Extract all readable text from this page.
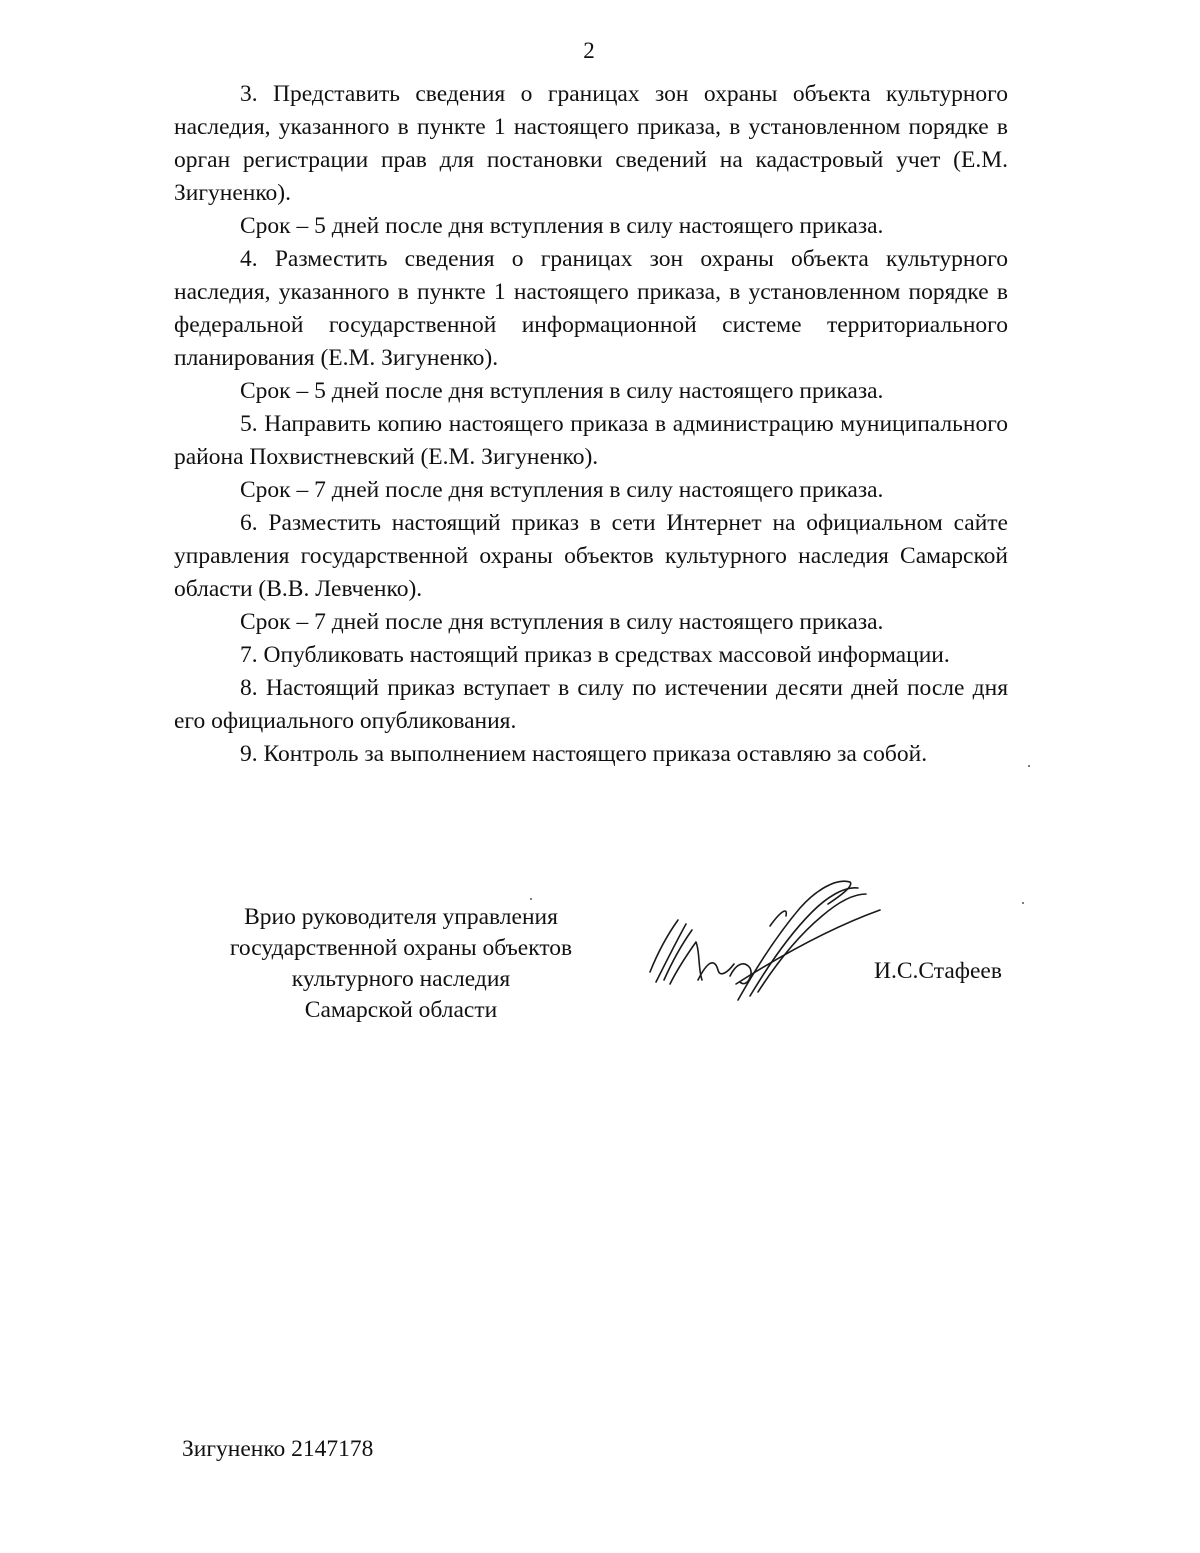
2

3. Представить сведения о границах зон охраны объекта культурного наследия, указанного в пункте 1 настоящего приказа, в установленном порядке в орган регистрации прав для постановки сведений на кадастровый учет (Е.М. Зигуненко).

Срок – 5 дней после дня вступления в силу настоящего приказа.

4. Разместить сведения о границах зон охраны объекта культурного наследия, указанного в пункте 1 настоящего приказа, в установленном порядке в федеральной государственной информационной системе территориального планирования (Е.М. Зигуненко).

Срок – 5 дней после дня вступления в силу настоящего приказа.

5. Направить копию настоящего приказа в администрацию муниципального района Похвистневский (Е.М. Зигуненко).

Срок – 7 дней после дня вступления в силу настоящего приказа.

6. Разместить настоящий приказ в сети Интернет на официальном сайте управления государственной охраны объектов культурного наследия Самарской области (В.В. Левченко).

Срок – 7 дней после дня вступления в силу настоящего приказа.

7. Опубликовать настоящий приказ в средствах массовой информации.

8. Настоящий приказ вступает в силу по истечении десяти дней после дня его официального опубликования.

9. Контроль за выполнением настоящего приказа оставляю за собой.

Врио руководителя управления
государственной охраны объектов
культурного наследия
Самарской области
И.С.Стафеев
Зигуненко 2147178
